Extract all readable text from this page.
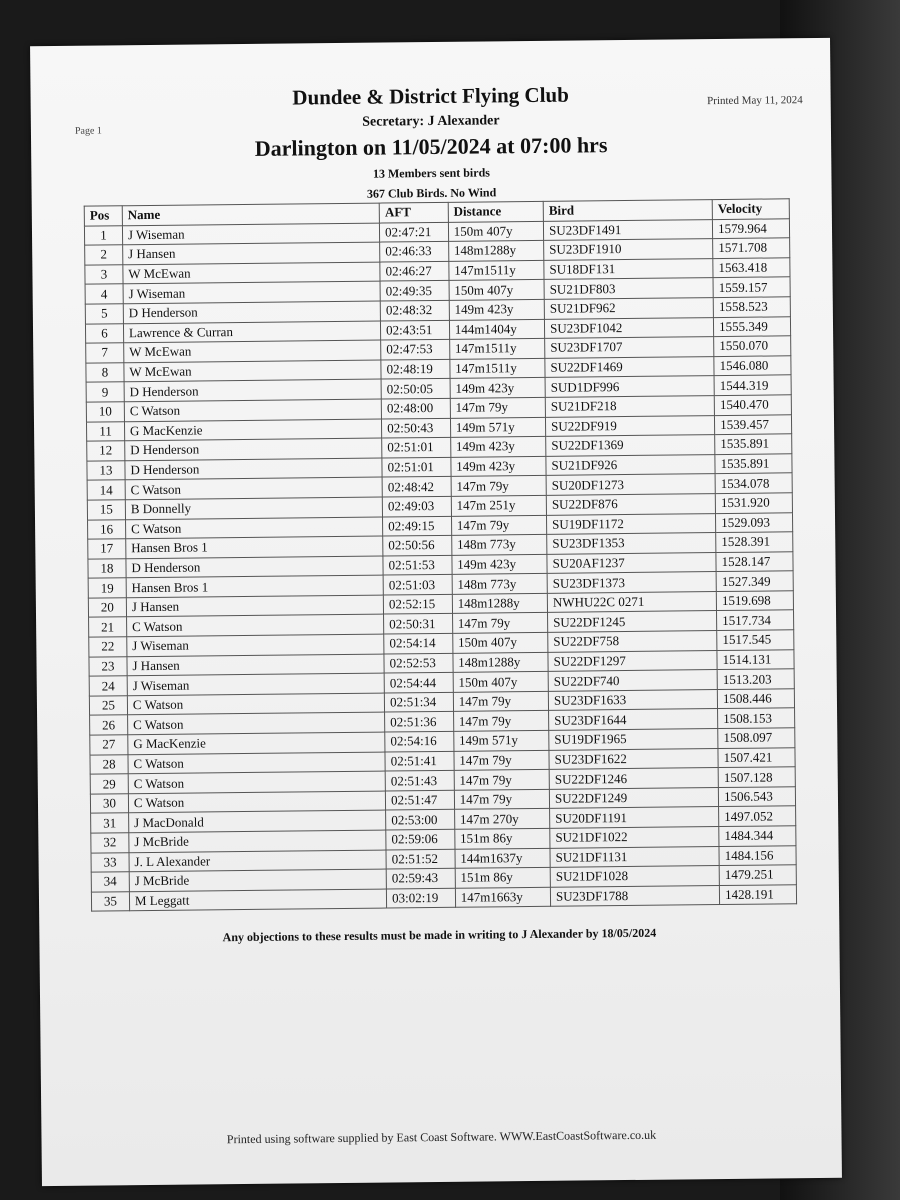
Page 1
Printed May 11, 2024
Dundee & District Flying Club
Secretary: J Alexander
Darlington on 11/05/2024 at 07:00 hrs
13 Members sent birds
367 Club Birds. No Wind
Pos	Name	AFT	Distance	Bird	Velocity
1	J Wiseman	02:47:21	150m 407y	SU23DF1491	1579.964
2	J Hansen	02:46:33	148m1288y	SU23DF1910	1571.708
3	W McEwan	02:46:27	147m1511y	SU18DF131	1563.418
4	J Wiseman	02:49:35	150m 407y	SU21DF803	1559.157
5	D Henderson	02:48:32	149m 423y	SU21DF962	1558.523
6	Lawrence & Curran	02:43:51	144m1404y	SU23DF1042	1555.349
7	W McEwan	02:47:53	147m1511y	SU23DF1707	1550.070
8	W McEwan	02:48:19	147m1511y	SU22DF1469	1546.080
9	D Henderson	02:50:05	149m 423y	SUD1DF996	1544.319
10	C Watson	02:48:00	147m 79y	SU21DF218	1540.470
11	G MacKenzie	02:50:43	149m 571y	SU22DF919	1539.457
12	D Henderson	02:51:01	149m 423y	SU22DF1369	1535.891
13	D Henderson	02:51:01	149m 423y	SU21DF926	1535.891
14	C Watson	02:48:42	147m 79y	SU20DF1273	1534.078
15	B Donnelly	02:49:03	147m 251y	SU22DF876	1531.920
16	C Watson	02:49:15	147m 79y	SU19DF1172	1529.093
17	Hansen Bros 1	02:50:56	148m 773y	SU23DF1353	1528.391
18	D Henderson	02:51:53	149m 423y	SU20AF1237	1528.147
19	Hansen Bros 1	02:51:03	148m 773y	SU23DF1373	1527.349
20	J Hansen	02:52:15	148m1288y	NWHU22C 0271	1519.698
21	C Watson	02:50:31	147m 79y	SU22DF1245	1517.734
22	J Wiseman	02:54:14	150m 407y	SU22DF758	1517.545
23	J Hansen	02:52:53	148m1288y	SU22DF1297	1514.131
24	J Wiseman	02:54:44	150m 407y	SU22DF740	1513.203
25	C Watson	02:51:34	147m 79y	SU23DF1633	1508.446
26	C Watson	02:51:36	147m 79y	SU23DF1644	1508.153
27	G MacKenzie	02:54:16	149m 571y	SU19DF1965	1508.097
28	C Watson	02:51:41	147m 79y	SU23DF1622	1507.421
29	C Watson	02:51:43	147m 79y	SU22DF1246	1507.128
30	C Watson	02:51:47	147m 79y	SU22DF1249	1506.543
31	J MacDonald	02:53:00	147m 270y	SU20DF1191	1497.052
32	J McBride	02:59:06	151m 86y	SU21DF1022	1484.344
33	J. L Alexander	02:51:52	144m1637y	SU21DF1131	1484.156
34	J McBride	02:59:43	151m 86y	SU21DF1028	1479.251
35	M Leggatt	03:02:19	147m1663y	SU23DF1788	1428.191
Any objections to these results must be made in writing to J Alexander by 18/05/2024
Printed using software supplied by East Coast Software. WWW.EastCoastSoftware.co.uk
